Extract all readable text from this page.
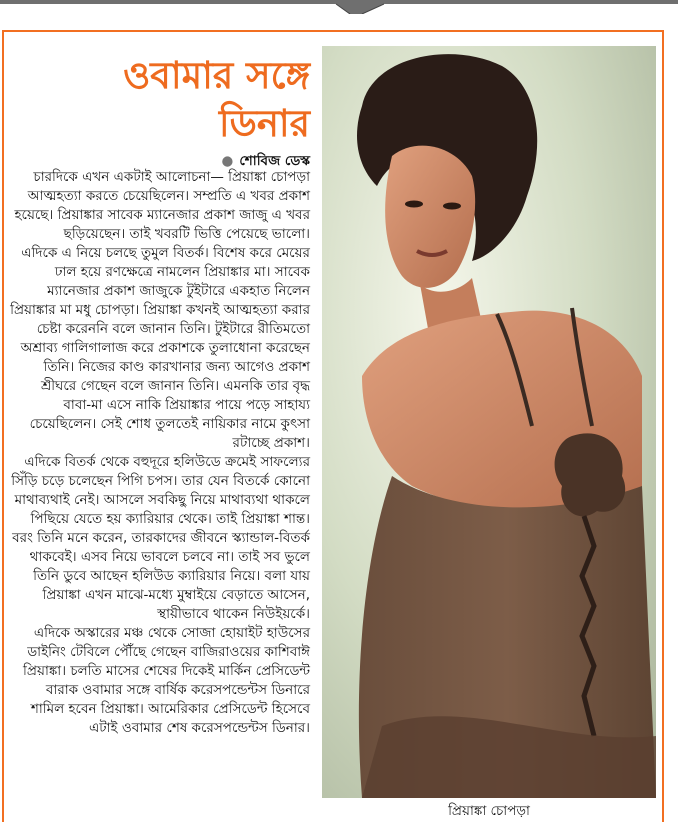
ওবামার সঙ্গে
ডিনার
● শোবিজ ডেস্ক

চারদিকে এখন একটাই আলোচনা— প্রিয়াঙ্কা চোপড়া আত্মহত্যা করতে চেয়েছিলেন। সম্প্রতি এ খবর প্রকাশ হয়েছে। প্রিয়াঙ্কার সাবেক ম্যানেজার প্রকাশ জাজু এ খবর ছড়িয়েছেন। তাই খবরটি ভিত্তি পেয়েছে ভালো।

এদিকে এ নিয়ে চলছে তুমুল বিতর্ক। বিশেষ করে মেয়ের ঢাল হয়ে রণক্ষেত্রে নামলেন প্রিয়াঙ্কার মা। সাবেক ম্যানেজার প্রকাশ জাজুকে টুইটারে একহাত নিলেন প্রিয়াঙ্কার মা মধু চোপড়া। প্রিয়াঙ্কা কখনই আত্মহত্যা করার চেষ্টা করেননি বলে জানান তিনি। টুইটারে রীতিমতো অশ্রাব্য গালিগালাজ করে প্রকাশকে তুলাধোনা করেছেন তিনি। নিজের কাণ্ড কারখানার জন্য আগেও প্রকাশ শ্রীঘরে গেছেন বলে জানান তিনি। এমনকি তার বৃদ্ধ বাবা-মা এসে নাকি প্রিয়াঙ্কার পায়ে পড়ে সাহায্য চেয়েছিলেন। সেই শোধ তুলতেই নায়িকার নামে কুৎসা রটাচ্ছে প্রকাশ।

এদিকে বিতর্ক থেকে বহুদূরে হলিউডে ক্রমেই সাফল্যের সিঁড়ি চড়ে চলেছেন পিগি চপস। তার যেন বিতর্কে কোনো মাথাব্যথাই নেই। আসলে সবকিছু নিয়ে মাথাব্যথা থাকলে পিছিয়ে যেতে হয় ক্যারিয়ার থেকে। তাই প্রিয়াঙ্কা শান্ত। বরং তিনি মনে করেন, তারকাদের জীবনে স্ক্যান্ডাল-বিতর্ক থাকবেই। এসব নিয়ে ভাবলে চলবে না। তাই সব ভুলে তিনি ডুবে আছেন হলিউড ক্যারিয়ার নিয়ে। বলা যায় প্রিয়াঙ্কা এখন মাঝে-মধ্যে মুম্বাইয়ে বেড়াতে আসেন, স্থায়ীভাবে থাকেন নিউইয়র্কে।

এদিকে অস্কারের মঞ্চ থেকে সোজা হোয়াইট হাউসের ডাইনিং টেবিলে পৌঁছে গেছেন বাজিরাওয়ের কাশিবাঈ প্রিয়াঙ্কা। চলতি মাসের শেষের দিকেই মার্কিন প্রেসিডেন্ট বারাক ওবামার সঙ্গে বার্ষিক করেসপন্ডেন্টস ডিনারে শামিল হবেন প্রিয়াঙ্কা। আমেরিকার প্রেসিডেন্ট হিসেবে এটাই ওবামার শেষ করেসপন্ডেন্টস ডিনার।

প্রিয়াঙ্কা চোপড়া
